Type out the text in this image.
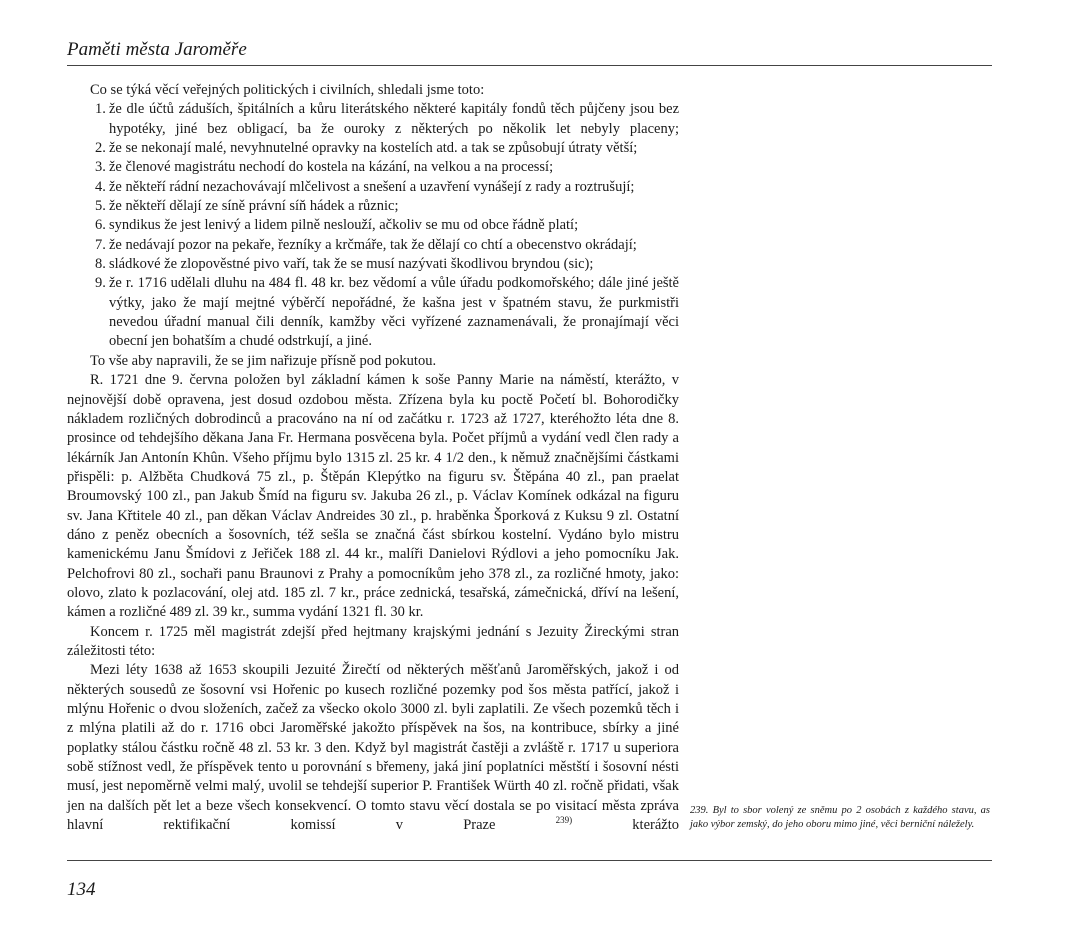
Paměti města Jaroměře

Co se týká věcí veřejných politických i civilních, shledali jsme toto:

1. že dle účtů záduších, špitálních a kůru literátského některé kapitály fondů těch půjčeny jsou bez hypotéky, jiné bez obligací, ba že ouroky z některých po několik let nebyly placeny;
2. že se nekonají malé, nevyhnutelné opravky na kostelích atd. a tak se způsobují útraty větší;
3. že členové magistrátu nechodí do kostela na kázání, na velkou a na processí;
4. že někteří rádní nezachovávají mlčelivost a snešení a uzavření vynášejí z rady a roztrušují;
5. že někteří dělají ze síně právní síň hádek a různic;
6. syndikus že jest lenivý a lidem pilně neslouží, ačkoliv se mu od obce řádně platí;
7. že nedávají pozor na pekaře, řezníky a krčmáře, tak že dělají co chtí a obecenstvo okrádají;
8. sládkové že zlopověstné pivo vaří, tak že se musí nazývati škodlivou bryndou (sic);
9. že r. 1716 udělali dluhu na 484 fl. 48 kr. bez vědomí a vůle úřadu podkomořského; dále jiné ještě výtky, jako že mají mejtné výběrčí nepořádné, že kašna jest v špatném stavu, že purkmistři nevedou úřadní manual čili denník, kamžby věci vyřízené zaznamenávali, že pronajímají věci obecní jen bohatším a chudé odstrkují, a jiné.

To vše aby napravili, že se jim nařizuje přísně pod pokutou.

R. 1721 dne 9. června položen byl základní kámen k soše Panny Marie na náměstí, kterážto, v nejnovější době opravena, jest dosud ozdobou města. Zřízena byla ku poctě Početí bl. Bohorodičky nákladem rozličných dobrodinců a pracováno na ní od začátku r. 1723 až 1727, kteréhožto léta dne 8. prosince od tehdejšího děkana Jana Fr. Hermana posvěcena byla. Počet příjmů a vydání vedl člen rady a lékárník Jan Antonín Khûn. Všeho příjmu bylo 1315 zl. 25 kr. 4 1/2 den., k němuž značnějšími částkami přispěli: p. Alžběta Chudková 75 zl., p. Štěpán Klepýtko na figuru sv. Štěpána 40 zl., pan praelat Broumovský 100 zl., pan Jakub Šmíd na figuru sv. Jakuba 26 zl., p. Václav Komínek odkázal na figuru sv. Jana Křtitele 40 zl., pan děkan Václav Andreides 30 zl., p. hraběnka Šporková z Kuksu 9 zl. Ostatní dáno z peněz obecních a šosovních, též sešla se značná část sbírkou kostelní. Vydáno bylo mistru kamenickému Janu Šmídovi z Jeřiček 188 zl. 44 kr., malíři Danielovi Rýdlovi a jeho pomocníku Jak. Pelchofrovi 80 zl., sochaři panu Braunovi z Prahy a pomocníkům jeho 378 zl., za rozličné hmoty, jako: olovo, zlato k pozlacování, olej atd. 185 zl. 7 kr., práce zednická, tesařská, zámečnická, dříví na lešení, kámen a rozličné 489 zl. 39 kr., summa vydání 1321 fl. 30 kr.

Koncem r. 1725 měl magistrát zdejší před hejtmany krajskými jednání s Jezuity Žireckými stran záležitosti této:

Mezi léty 1638 až 1653 skoupili Jezuité Žirečtí od některých měšťanů Jaroměřských, jakož i od některých sousedů ze šosovní vsi Hořenic po kusech rozličné pozemky pod šos města patřící, jakož i mlýnu Hořenic o dvou složeních, začež za všecko okolo 3000 zl. byli zaplatili. Ze všech pozemků těch i z mlýna platili až do r. 1716 obci Jaroměřské jakožto příspěvek na šos, na kontribuce, sbírky a jiné poplatky stálou částku ročně 48 zl. 53 kr. 3 den. Když byl magistrát častěji a zvláště r. 1717 u superiora sobě stížnost vedl, že příspěvek tento u porovnání s břemeny, jaká jiní poplatníci městští i šosovní nésti musí, jest nepoměrně velmi malý, uvolil se tehdejší superior P. František Würth 40 zl. ročně přidati, však jen na dalších pět let a beze všech konsekvencí. O tomto stavu věcí dostala se po visitací města zpráva hlavní rektifikační komissí v Praze	$^{239)}$ kterážto

239. Byl to sbor volený ze sněmu po 2 osobách z každého stavu, as jako výbor zemský, do jeho oboru mimo jiné, věci berniční náležely.
134
